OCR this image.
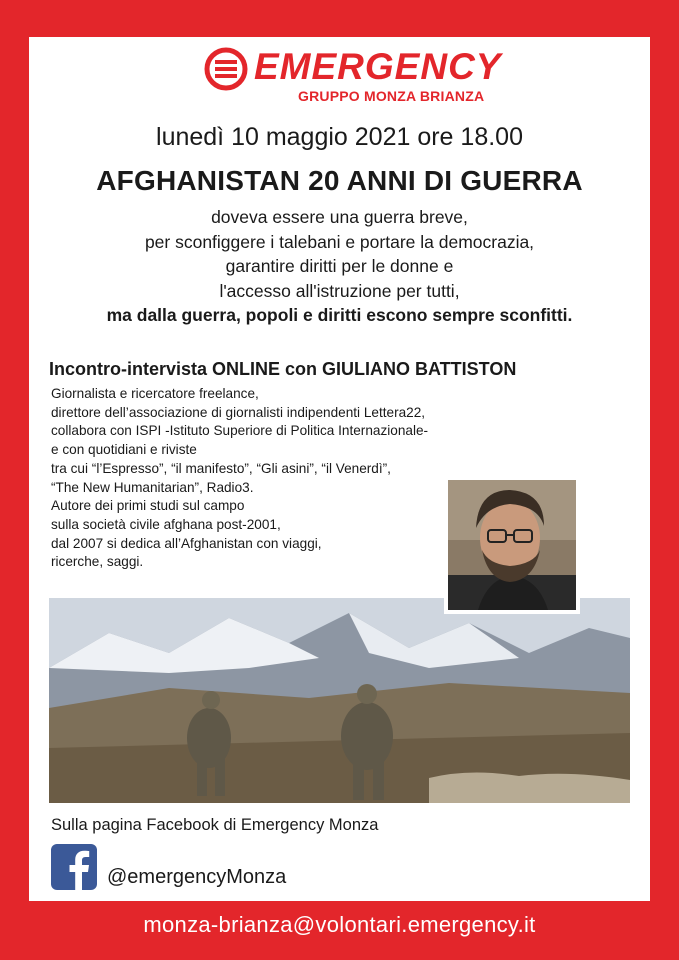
EMERGENCY
GRUPPO MONZA BRIANZA
lunedì 10 maggio 2021 ore 18.00
AFGHANISTAN 20 ANNI DI GUERRA
doveva essere una guerra breve,
per sconfiggere i talebani e portare la democrazia,
garantire diritti per le donne e
l'accesso all'istruzione per tutti,
ma dalla guerra, popoli e diritti escono sempre sconfitti.
Incontro-intervista ONLINE con GIULIANO BATTISTON
Giornalista e ricercatore freelance,
direttore dell’associazione di giornalisti indipendenti Lettera22,
collabora con ISPI -Istituto Superiore di Politica Internazionale-
e con quotidiani e riviste
tra cui “l’Espresso”, “il manifesto”, “Gli asini”, “il Venerdì”,
“The New Humanitarian”, Radio3.
Autore dei primi studi sul campo
sulla società civile afghana post-2001,
dal 2007 si dedica all’Afghanistan con viaggi,
ricerche, saggi.
Sulla pagina Facebook di Emergency Monza
@emergencyMonza
monza-brianza@volontari.emergency.it
